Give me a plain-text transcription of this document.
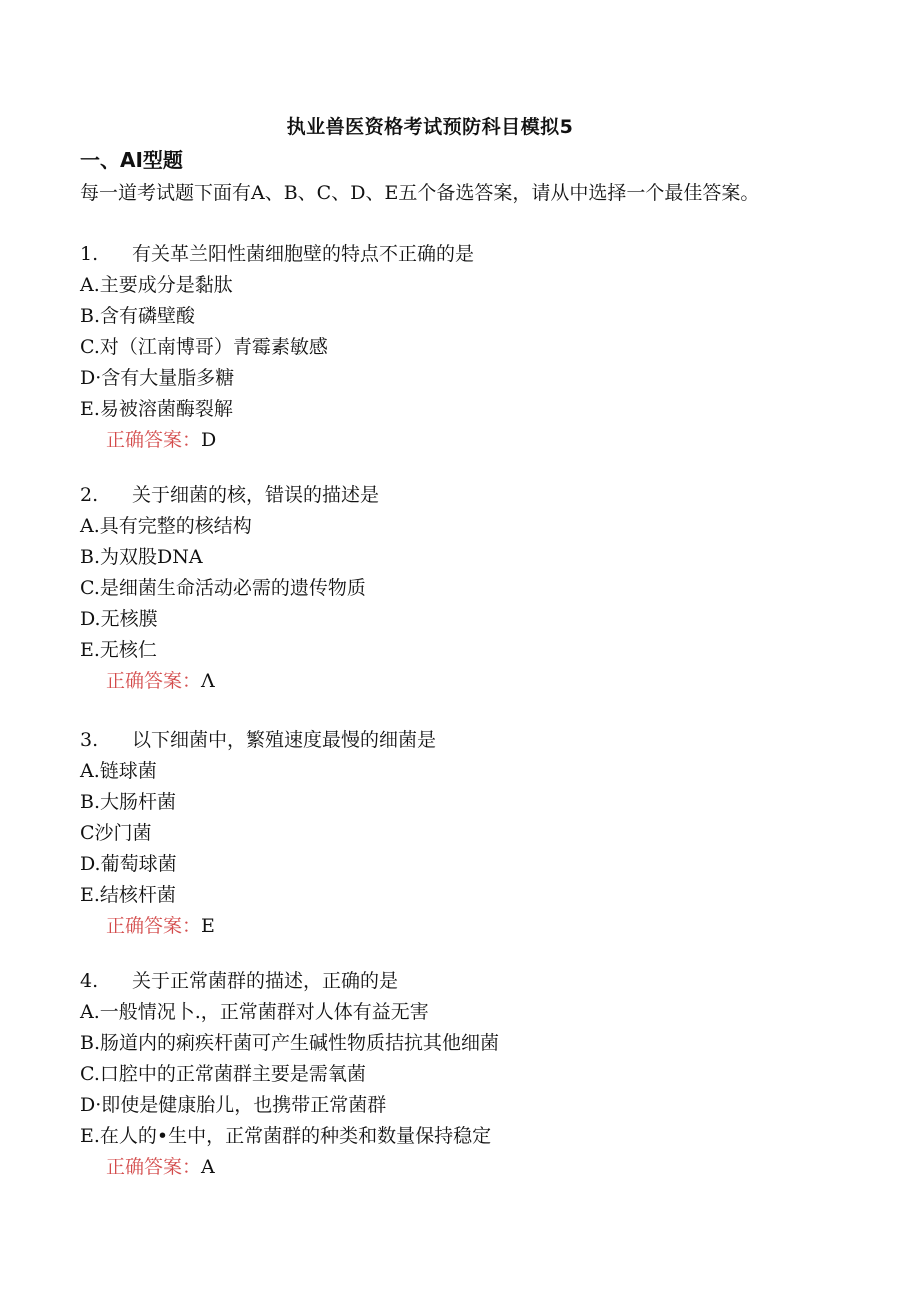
执业兽医资格考试预防科目模拟5
一、AI型题
每一道考试题下面有A、B、C、D、E五个备选答案，请从中选择一个最佳答案。
1. 有关革兰阳性菌细胞壁的特点不正确的是
A.主要成分是黏肽
B.含有磷壁酸
C.对（江南博哥）青霉素敏感
D·含有大量脂多糖
E.易被溶菌酶裂解
正确答案：D
2. 关于细菌的核，错误的描述是
A.具有完整的核结构
B.为双股DNA
C.是细菌生命活动必需的遗传物质
D.无核膜
E.无核仁
正确答案：Λ
3. 以下细菌中，繁殖速度最慢的细菌是
A.链球菌
B.大肠杆菌
C沙门菌
D.葡萄球菌
E.结核杆菌
正确答案：E
4. 关于正常菌群的描述，正确的是
A.一般情况卜.，正常菌群对人体有益无害
B.肠道内的痢疾杆菌可产生碱性物质拮抗其他细菌
C.口腔中的正常菌群主要是需氧菌
D·即使是健康胎儿，也携带正常菌群
E.在人的•生中，正常菌群的种类和数量保持稳定
正确答案：A
